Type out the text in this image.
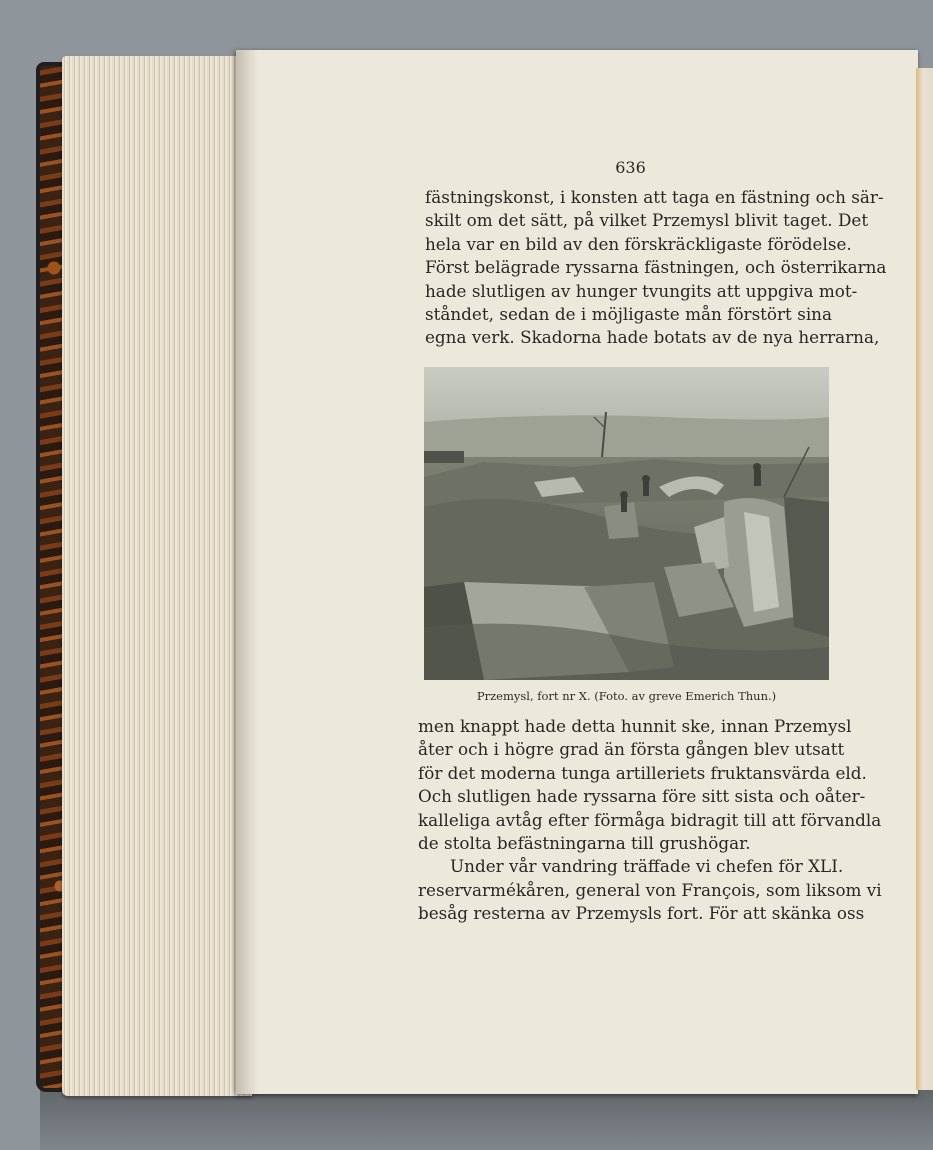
636

fästningskonst, i konsten att taga en fästning och sär-
skilt om det sätt, på vilket Przemysl blivit taget. Det
hela var en bild av den förskräckligaste förödelse.
Först belägrade ryssarna fästningen, och österrikarna
hade slutligen av hunger tvungits att uppgiva mot-
ståndet, sedan de i möjligaste mån förstört sina
egna verk. Skadorna hade botats av de nya herrarna,

Przemysl, fort nr X. (Foto. av greve Emerich Thun.)

men knappt hade detta hunnit ske, innan Przemysl
åter och i högre grad än första gången blev utsatt
för det moderna tunga artilleriets fruktansvärda eld.
Och slutligen hade ryssarna före sitt sista och oåter-
kalleliga avtåg efter förmåga bidragit till att förvandla
de stolta befästningarna till grushögar.
Under vår vandring träffade vi chefen för XLI.
reservarmékåren, general von François, som liksom vi
besåg resterna av Przemysls fort. För att skänka oss
